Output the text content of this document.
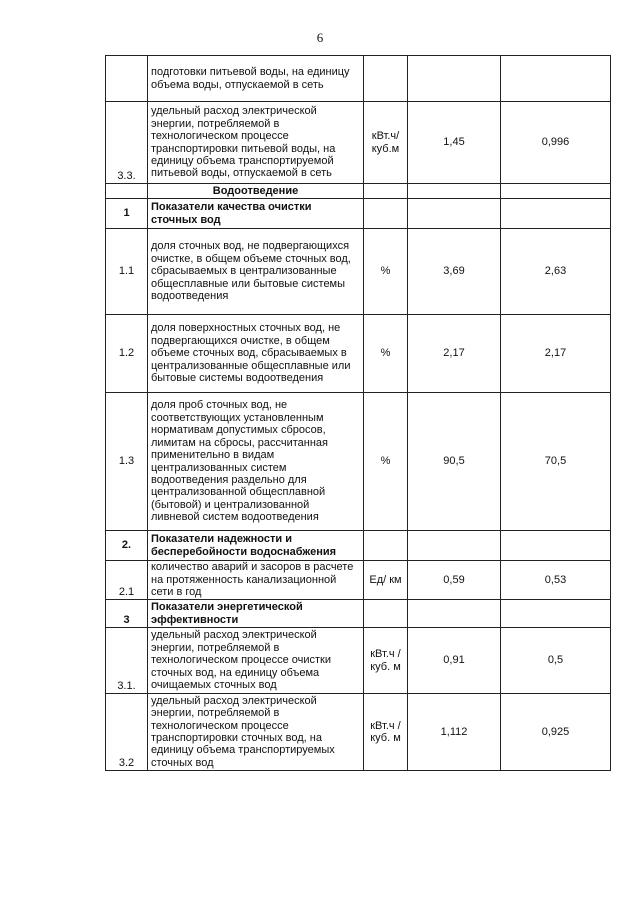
6
	подготовки питьевой воды, на единицу объема воды, отпускаемой в сеть			
3.3.	удельный расход электрической энергии, потребляемой в технологическом процессе транспортировки питьевой воды, на единицу объема транспортируемой питьевой воды, отпускаемой в сеть	кВт.ч/ куб.м	1,45	0,996
	Водоотведение			
1	Показатели качества очистки сточных вод			
1.1	доля сточных вод, не подвергающихся очистке, в общем объеме сточных вод, сбрасываемых в централизованные общесплавные или бытовые системы водоотведения	%	3,69	2,63
1.2	доля поверхностных сточных вод, не подвергающихся очистке, в общем объеме сточных вод, сбрасываемых в централизованные общесплавные или бытовые системы водоотведения	%	2,17	2,17
1.3	доля проб сточных вод, не соответствующих установленным нормативам допустимых сбросов, лимитам на сбросы, рассчитанная применительно в видам централизованных систем водоотведения раздельно для централизованной общесплавной (бытовой) и централизованной ливневой систем водоотведения	%	90,5	70,5
2.	Показатели надежности и бесперебойности водоснабжения			
2.1	количество аварий и засоров в расчете на протяженность канализационной сети в год	Ед/ км	0,59	0,53
3	Показатели энергетической эффективности			
3.1.	удельный расход электрической энергии, потребляемой в технологическом процессе очистки сточных вод, на единицу объема очищаемых сточных вод	кВт.ч /куб. м	0,91	0,5
3.2	удельный расход электрической энергии, потребляемой в технологическом процессе транспортировки сточных вод, на единицу объема транспортируемых сточных вод	кВт.ч /куб. м	1,112	0,925
